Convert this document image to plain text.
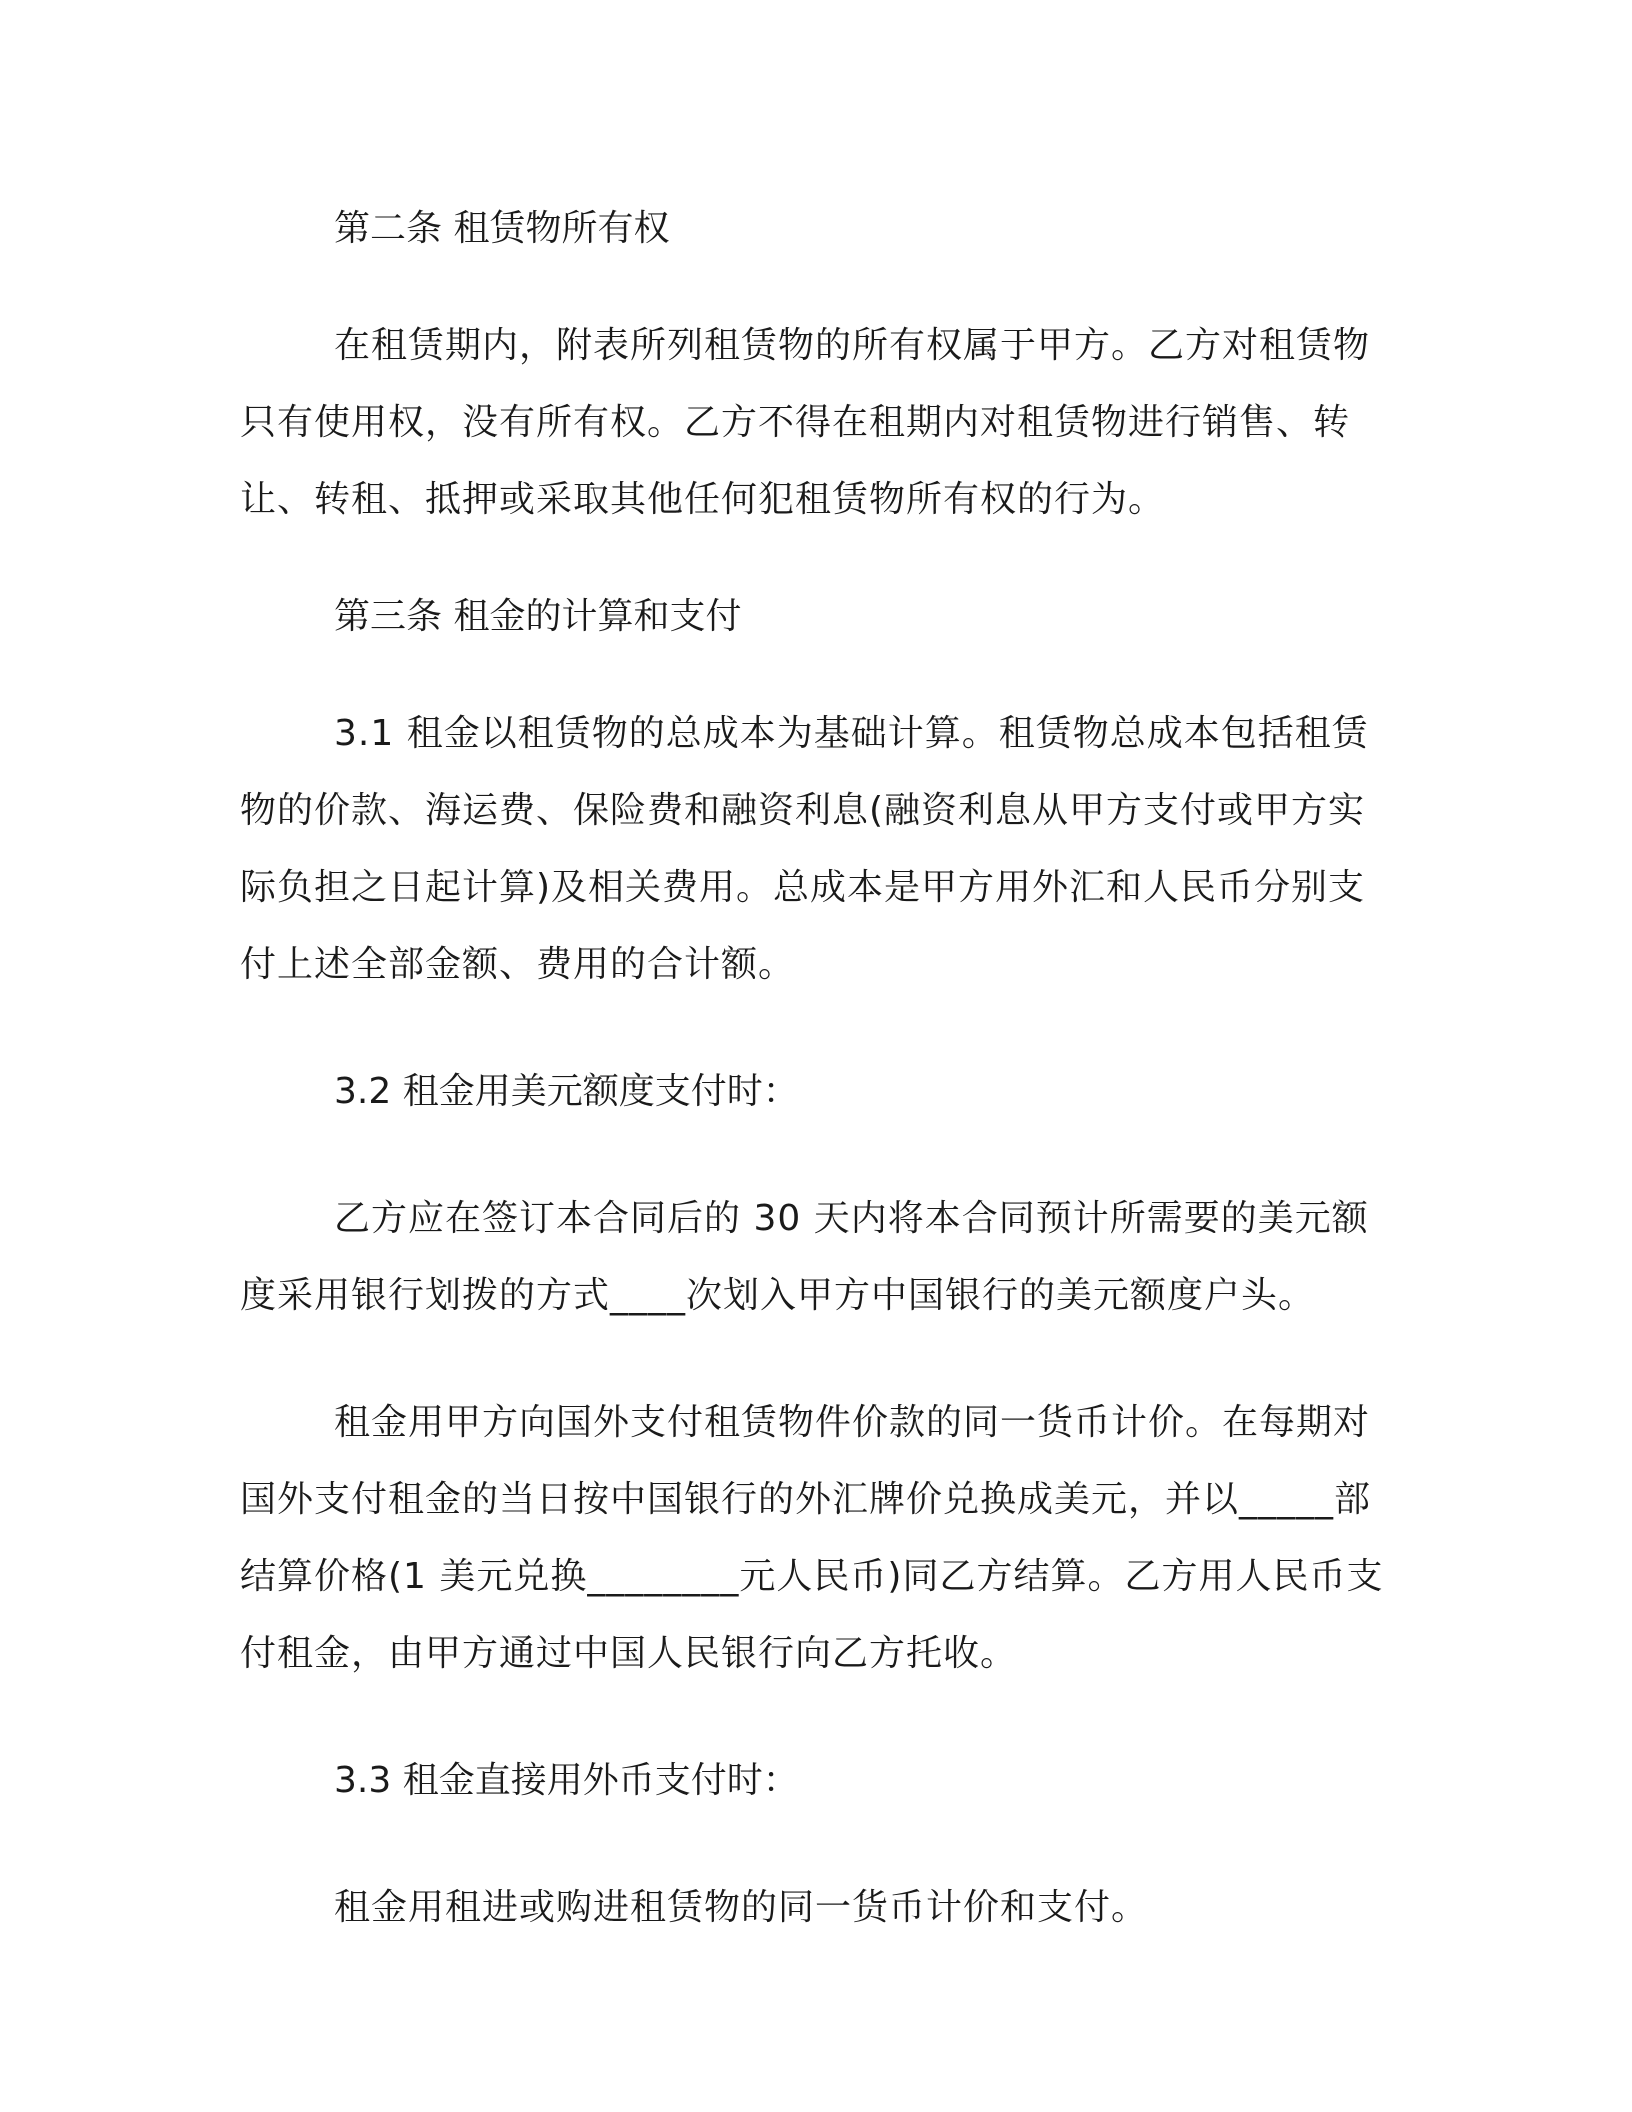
第二条 租赁物所有权

在租赁期内，附表所列租赁物的所有权属于甲方。乙方对租赁物只有使用权，没有所有权。乙方不得在租期内对租赁物进行销售、转让、转租、抵押或采取其他任何犯租赁物所有权的行为。

第三条 租金的计算和支付

3.1 租金以租赁物的总成本为基础计算。租赁物总成本包括租赁物的价款、海运费、保险费和融资利息(融资利息从甲方支付或甲方实际负担之日起计算)及相关费用。总成本是甲方用外汇和人民币分别支付上述全部金额、费用的合计额。

3.2 租金用美元额度支付时：

乙方应在签订本合同后的 30 天内将本合同预计所需要的美元额度采用银行划拨的方式____次划入甲方中国银行的美元额度户头。

租金用甲方向国外支付租赁物件价款的同一货币计价。在每期对国外支付租金的当日按中国银行的外汇牌价兑换成美元，并以_____部结算价格(1 美元兑换________元人民币)同乙方结算。乙方用人民币支付租金，由甲方通过中国人民银行向乙方托收。

3.3 租金直接用外币支付时：

租金用租进或购进租赁物的同一货币计价和支付。
